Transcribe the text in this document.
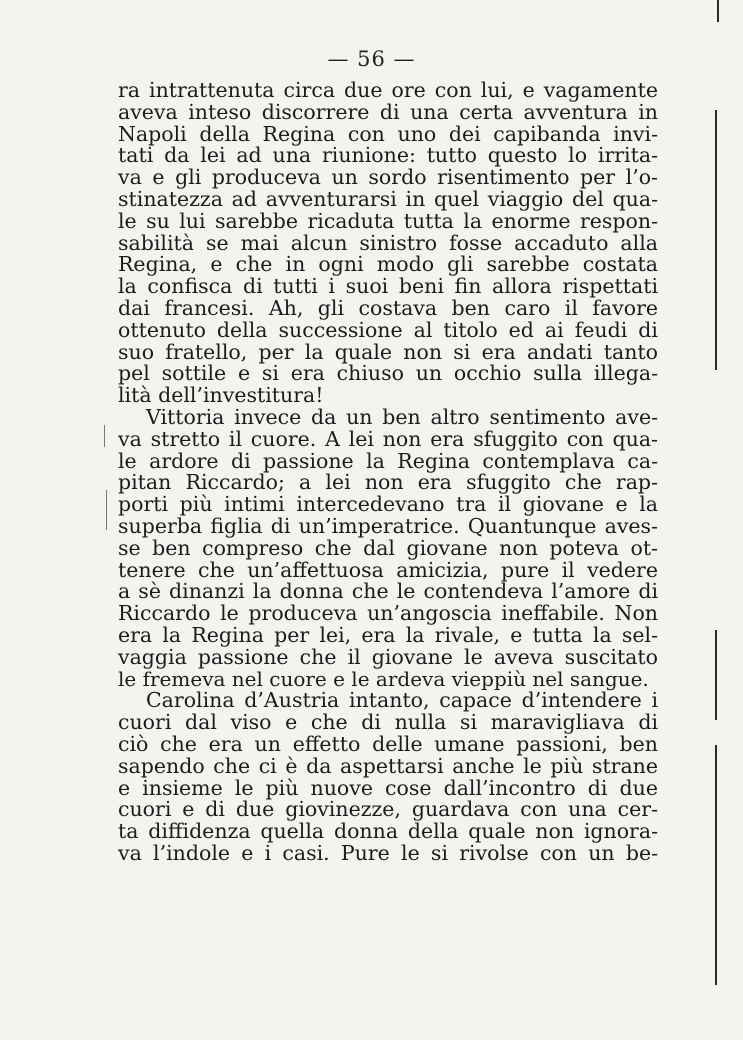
— 56 —
ra intrattenuta circa due ore con lui, e vagamente
aveva inteso discorrere di una certa avventura in
Napoli della Regina con uno dei capibanda invi-
tati da lei ad una riunione: tutto questo lo irrita-
va e gli produceva un sordo risentimento per l’o-
stinatezza ad avventurarsi in quel viaggio del qua-
le su lui sarebbe ricaduta tutta la enorme respon-
sabilità se mai alcun sinistro fosse accaduto alla
Regina, e che in ogni modo gli sarebbe costata
la confisca di tutti i suoi beni fin allora rispettati
dai francesi. Ah, gli costava ben caro il favore
ottenuto della successione al titolo ed ai feudi di
suo fratello, per la quale non si era andati tanto
pel sottile e si era chiuso un occhio sulla illega-
lità dell’investitura!
Vittoria invece da un ben altro sentimento ave-
va stretto il cuore. A lei non era sfuggito con qua-
le ardore di passione la Regina contemplava ca-
pitan Riccardo; a lei non era sfuggito che rap-
porti più intimi intercedevano tra il giovane e la
superba figlia di un’imperatrice. Quantunque aves-
se ben compreso che dal giovane non poteva ot-
tenere che un’affettuosa amicizia, pure il vedere
a sè dinanzi la donna che le contendeva l’amore di
Riccardo le produceva un’angoscia ineffabile. Non
era la Regina per lei, era la rivale, e tutta la sel-
vaggia passione che il giovane le aveva suscitato
le fremeva nel cuore e le ardeva vieppiù nel sangue.
Carolina d’Austria intanto, capace d’intendere i
cuori dal viso e che di nulla si maravigliava di
ciò che era un effetto delle umane passioni, ben
sapendo che ci è da aspettarsi anche le più strane
e insieme le più nuove cose dall’incontro di due
cuori e di due giovinezze, guardava con una cer-
ta diffidenza quella donna della quale non ignora-
va l’indole e i casi. Pure le si rivolse con un be-
